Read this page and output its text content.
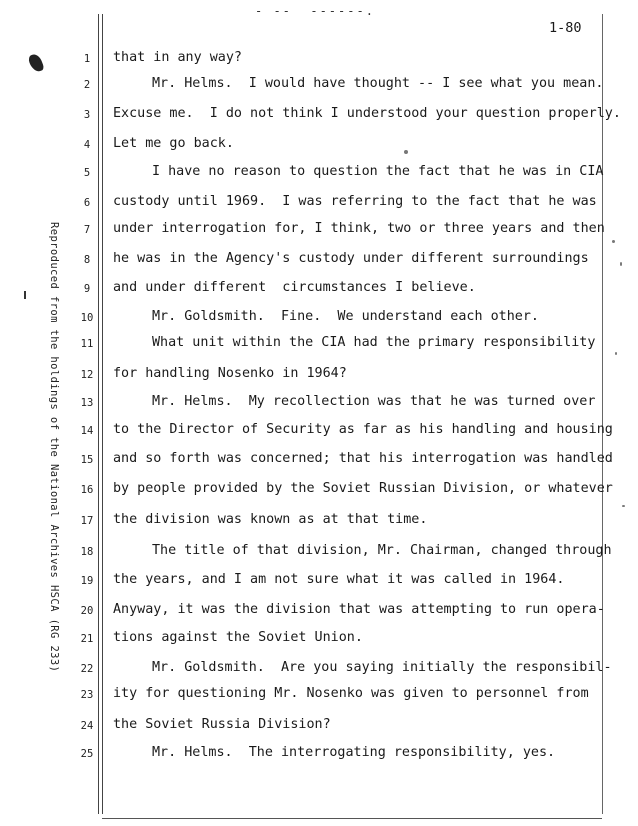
- --  ------.
1-80
Reproduced from the holdings of the National Archives HSCA (RG 233)
1	that in any way?
2	Mr. Helms.  I would have thought -- I see what you mean.
3	Excuse me.  I do not think I understood your question properly.
4	Let me go back.
5	I have no reason to question the fact that he was in CIA
6	custody until 1969.  I was referring to the fact that he was
7	under interrogation for, I think, two or three years and then
8	he was in the Agency's custody under different surroundings
9	and under different  circumstances I believe.
10	Mr. Goldsmith.  Fine.  We understand each other.
11	What unit within the CIA had the primary responsibility
12 for handling Nosenko in 1964?
13	Mr. Helms.  My recollection was that he was turned over
14 to the Director of Security as far as his handling and housing
15 and so forth was concerned; that his interrogation was handled
16 by people provided by the Soviet Russian Division, or whatever
17 the division was known as at that time.
18	The title of that division, Mr. Chairman, changed through
19 the years, and I am not sure what it was called in 1964.
20 Anyway, it was the division that was attempting to run opera-
21 tions against the Soviet Union.
22	Mr. Goldsmith.  Are you saying initially the responsibil-
23 ity for questioning Mr. Nosenko was given to personnel from
24 the Soviet Russia Division?
25	Mr. Helms.  The interrogating responsibility, yes.
